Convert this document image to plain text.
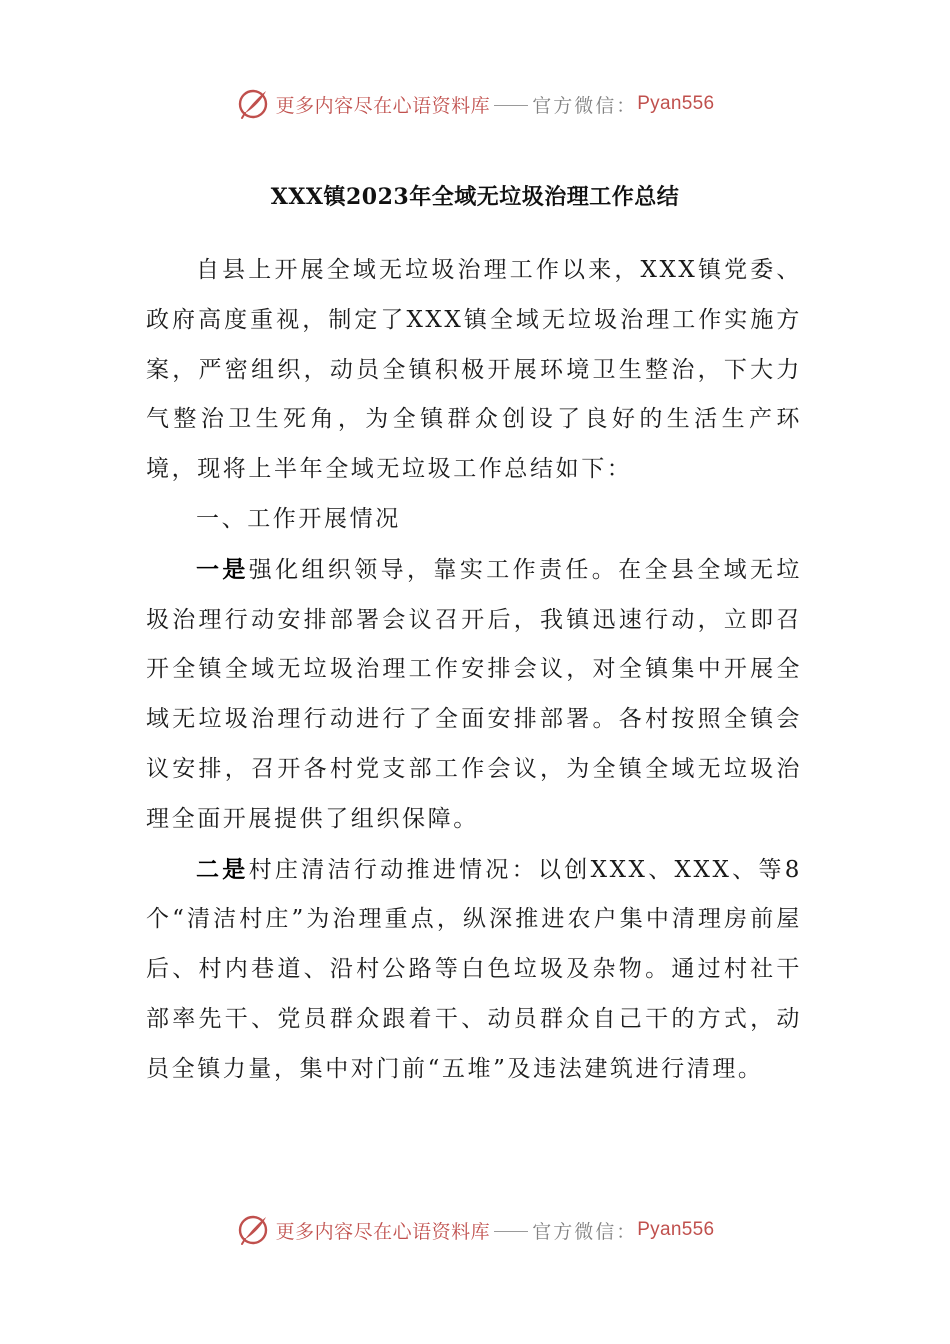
更多内容尽在心语资料库 官方微信： Pyan556
XXX镇2023年全域无垃圾治理工作总结

自县上开展全域无垃圾治理工作以来，XXX镇党委、政府高度重视，制定了XXX镇全域无垃圾治理工作实施方案，严密组织，动员全镇积极开展环境卫生整治，下大力气整治卫生死角，为全镇群众创设了良好的生活生产环境，现将上半年全域无垃圾工作总结如下：

一、工作开展情况

一是强化组织领导，靠实工作责任。在全县全域无垃圾治理行动安排部署会议召开后，我镇迅速行动，立即召开全镇全域无垃圾治理工作安排会议，对全镇集中开展全域无垃圾治理行动进行了全面安排部署。各村按照全镇会议安排，召开各村党支部工作会议，为全镇全域无垃圾治理全面开展提供了组织保障。

二是村庄清洁行动推进情况：以创XXX、XXX、等8个“清洁村庄”为治理重点，纵深推进农户集中清理房前屋后、村内巷道、沿村公路等白色垃圾及杂物。通过村社干部率先干、党员群众跟着干、动员群众自己干的方式，动员全镇力量，集中对门前“五堆”及违法建筑进行清理。

更多内容尽在心语资料库 官方微信： Pyan556
